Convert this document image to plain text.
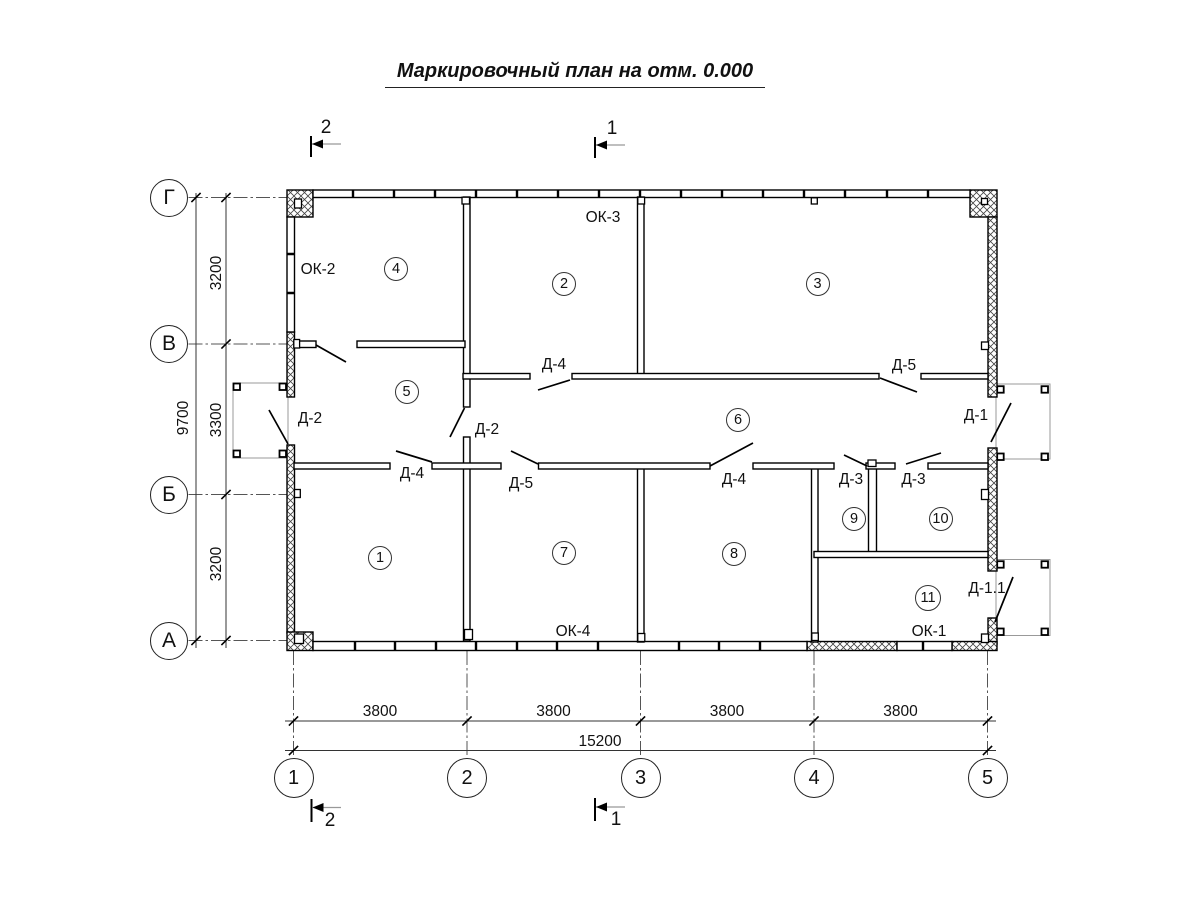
Маркировочный план на отм. 0.000
Г
В
Б
А
1	2	3	4	5
1
2	3
4
5
6
7	8
9	10
11
ОК-2
ОК-3
ОК-4	ОК-1
Д-2
Д-2
Д-4	Д-5
Д-4
Д-5	Д-4	Д-3 Д-3
Д-1
Д-1.1
3200
3300
3200
9700
3800	3800	3800	3800
15200
2	1
2	1
